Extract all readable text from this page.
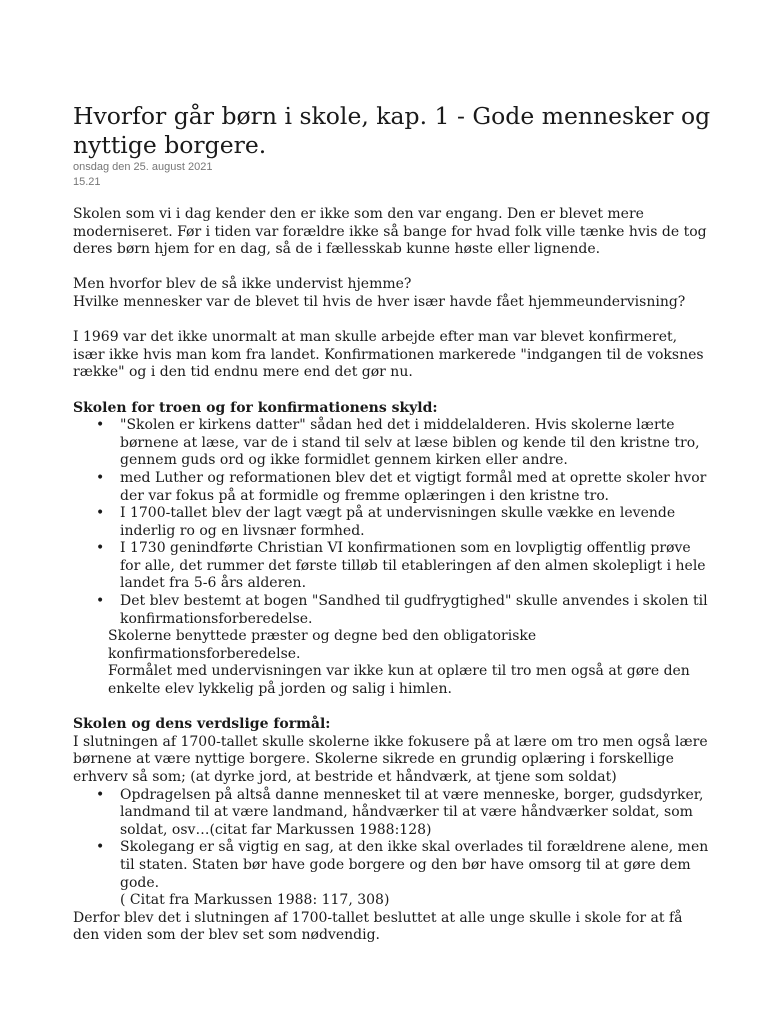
Hvorfor går børn i skole, kap. 1 - Gode mennesker og nyttige borgere.
onsdag den 25. august 2021
15.21

Skolen som vi i dag kender den er ikke som den var engang. Den er blevet mere moderniseret. Før i tiden var forældre ikke så bange for hvad folk ville tænke hvis de tog deres børn hjem for en dag, så de i fællesskab kunne høste eller lignende.

Men hvorfor blev de så ikke undervist hjemme?

Hvilke mennesker var de blevet til hvis de hver især havde fået hjemmeundervisning?

I 1969 var det ikke unormalt at man skulle arbejde efter man var blevet konfirmeret, især ikke hvis man kom fra landet. Konfirmationen markerede "indgangen til de voksnes række" og i den tid endnu mere end det gør nu.

Skolen for troen og for konfirmationens skyld:

• "Skolen er kirkens datter" sådan hed det i middelalderen. Hvis skolerne lærte børnene at læse, var de i stand til selv at læse biblen og kende til den kristne tro, gennem guds ord og ikke formidlet gennem kirken eller andre.
• med Luther og reformationen blev det et vigtigt formål med at oprette skoler hvor der var fokus på at formidle og fremme oplæringen i den kristne tro.
• I 1700-tallet blev der lagt vægt på at undervisningen skulle vække en levende inderlig ro og en livsnær formhed.
• I 1730 genindførte Christian VI konfirmationen som en lovpligtig offentlig prøve for alle, det rummer det første tilløb til etableringen af den almen skolepligt i hele landet fra 5-6 års alderen.
• Det blev bestemt at bogen "Sandhed til gudfrygtighed" skulle anvendes i skolen til konfirmationsforberedelse.

Skolerne benyttede præster og degne bed den obligatoriske konfirmationsforberedelse.

Formålet med undervisningen var ikke kun at oplære til tro men også at gøre den enkelte elev lykkelig på jorden og salig i himlen.

Skolen og dens verdslige formål:

I slutningen af 1700-tallet skulle skolerne ikke fokusere på at lære om tro men også lære børnene at være nyttige borgere. Skolerne sikrede en grundig oplæring i forskellige erhverv så som; (at dyrke jord, at bestride et håndværk, at tjene som soldat)

• Opdragelsen på altså danne mennesket til at være menneske, borger, gudsdyrker, landmand til at være landmand, håndværker til at være håndværker soldat, som soldat, osv…(citat far Markussen 1988:128)
• Skolegang er så vigtig en sag, at den ikke skal overlades til forældrene alene, men til staten. Staten bør have gode borgere og den bør have omsorg til at gøre dem gode.

( Citat fra Markussen 1988: 117, 308)

Derfor blev det i slutningen af 1700-tallet besluttet at alle unge skulle i skole for at få den viden som der blev set som nødvendig.
